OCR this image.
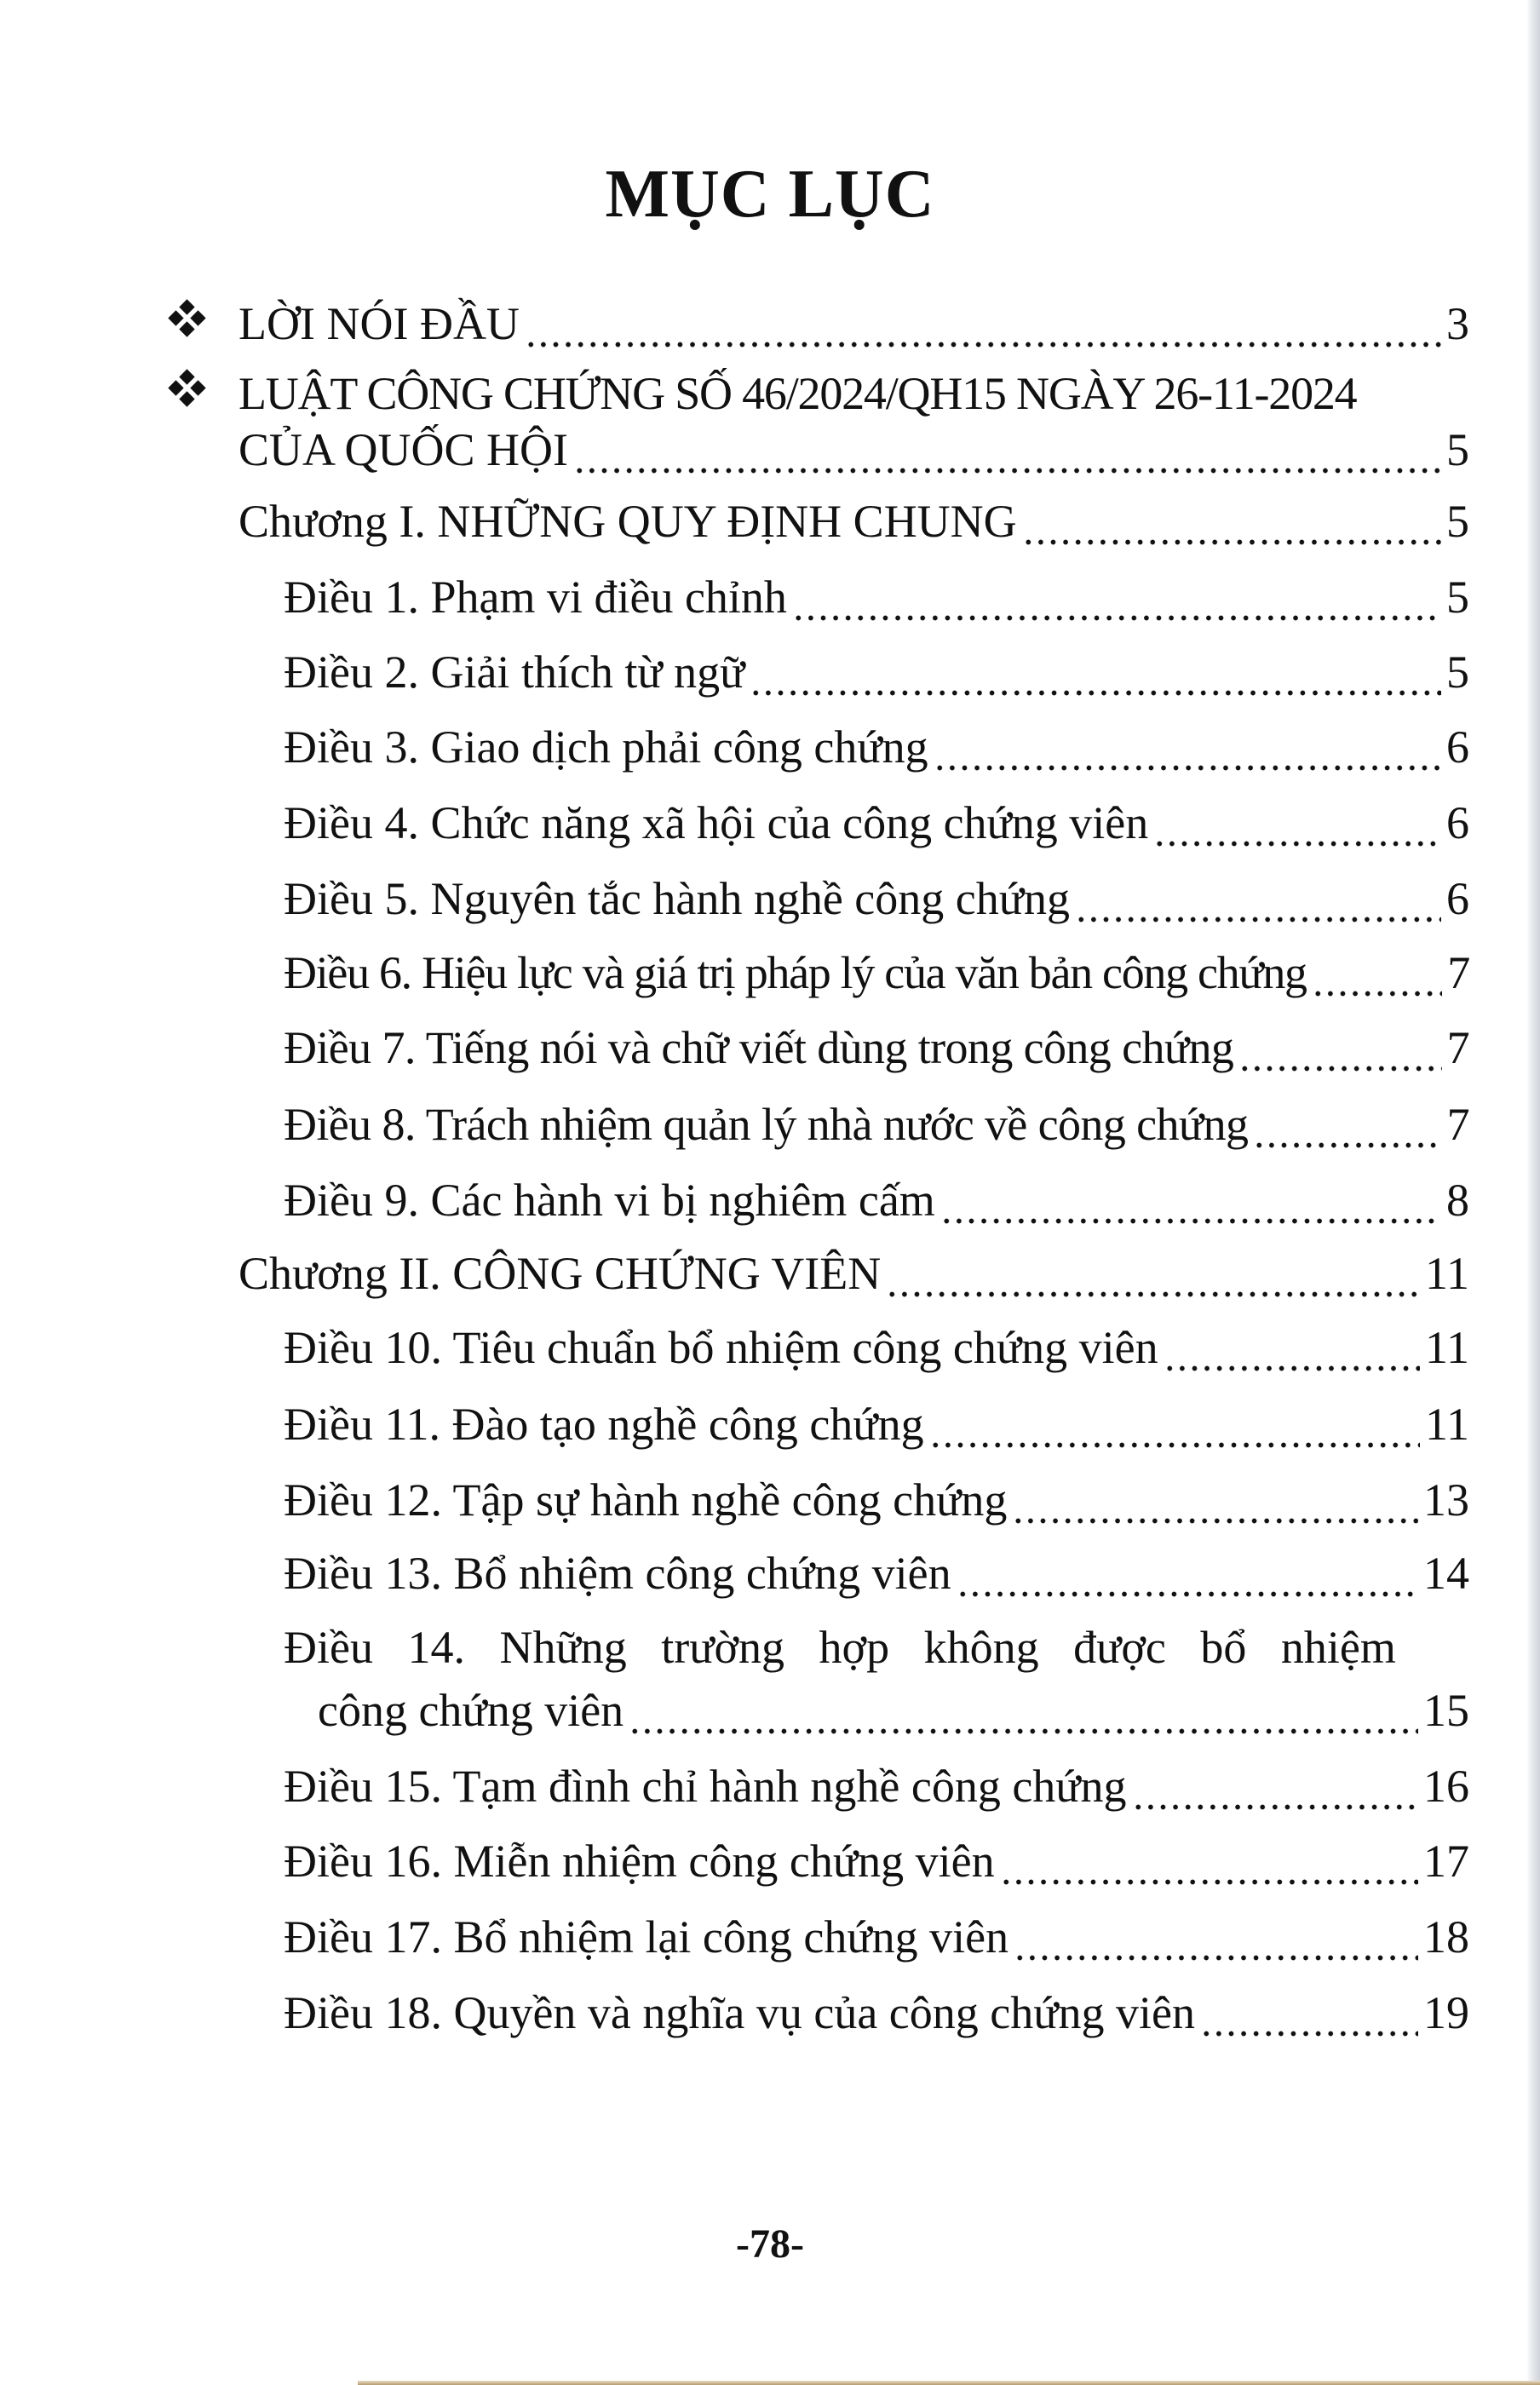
MỤC LỤC
LỜI NÓI ĐẦU	3
LUẬT CÔNG CHỨNG SỐ 46/2024/QH15 NGÀY 26-11-2024
CỦA QUỐC HỘI	5
Chương I. NHỮNG QUY ĐỊNH CHUNG	5
Điều 1. Phạm vi điều chỉnh	5
Điều 2. Giải thích từ ngữ	5
Điều 3. Giao dịch phải công chứng	6
Điều 4. Chức năng xã hội của công chứng viên	6
Điều 5. Nguyên tắc hành nghề công chứng	6
Điều 6. Hiệu lực và giá trị pháp lý của văn bản công chứng	7
Điều 7. Tiếng nói và chữ viết dùng trong công chứng	7
Điều 8. Trách nhiệm quản lý nhà nước về công chứng	7
Điều 9. Các hành vi bị nghiêm cấm	8
Chương II. CÔNG CHỨNG VIÊN	11
Điều 10. Tiêu chuẩn bổ nhiệm công chứng viên	11
Điều 11. Đào tạo nghề công chứng	11
Điều 12. Tập sự hành nghề công chứng	13
Điều 13. Bổ nhiệm công chứng viên	14
Điều 14. Những trường hợp không được bổ nhiệm
công chứng viên	15
Điều 15. Tạm đình chỉ hành nghề công chứng	16
Điều 16. Miễn nhiệm công chứng viên	17
Điều 17. Bổ nhiệm lại công chứng viên	18
Điều 18. Quyền và nghĩa vụ của công chứng viên	19
-78-
